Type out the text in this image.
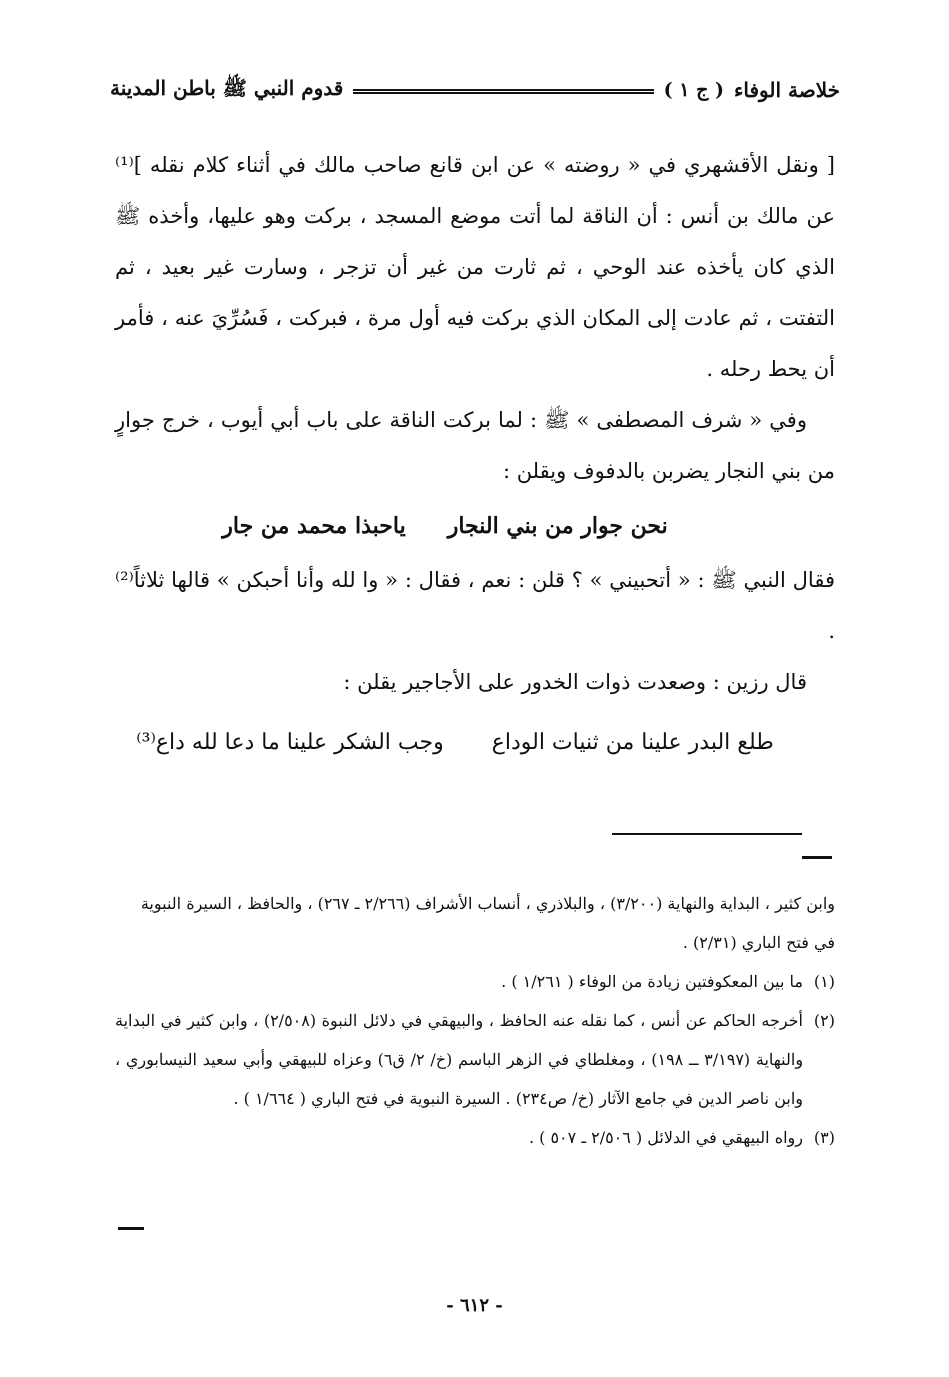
خلاصة الوفاء
( ج ١ )
قدوم النبي ﷺ باطن المدينة

[ ونقل الأقشهري في « روضته » عن ابن قانع صاحب مالك في أثناء كلام نقله ]⁽¹⁾ عن مالك بن أنس : أن الناقة لما أتت موضع المسجد ، بركت وهو عليها، وأخذه ﷺ الذي كان يأخذه عند الوحي ، ثم ثارت من غير أن تزجر ، وسارت غير بعيد ، ثم التفتت ، ثم عادت إلى المكان الذي بركت فيه أول مرة ، فبركت ، فَسُرِّيَ عنه ، فأمر أن يحط رحله .

وفي « شرف المصطفى » ﷺ : لما بركت الناقة على باب أبي أيوب ، خرج جوارٍ من بني النجار يضربن بالدفوف ويقلن :

نحن جوار من بني النجار
ياحبذا محمد من جار

فقال النبي ﷺ : « أتحبيني » ؟ قلن : نعم ، فقال : « وا لله وأنا أحبكن » قالها ثلاثاً⁽²⁾ .

قال رزين : وصعدت ذوات الخدور على الأجاجير يقلن :

طلع البدر علينا من ثنيات الوداع
وجب الشكر علينا ما دعا لله داع⁽³⁾

وابن كثير ، البداية والنهاية (٣/٢٠٠) ، والبلاذري ، أنساب الأشراف (٢/٢٦٦ ـ ٢٦٧) ، والحافظ ، السيرة النبوية في فتح الباري (٢/٣١) .

(١)
ما بين المعكوفتين زيادة من الوفاء ( ١/٢٦١ ) .
(٢)
أخرجه الحاكم عن أنس ، كما نقله عنه الحافظ ، والبيهقي في دلائل النبوة (٢/٥٠٨) ، وابن كثير في البداية والنهاية (٣/١٩٧ ــ ١٩٨) ، ومغلطاي في الزهر الباسم (خ/ ٢/ ق٦) وعزاه للبيهقي وأبي سعيد النيسابوري ، وابن ناصر الدين في جامع الآثار (خ/ ص٢٣٤) . السيرة النبوية في فتح الباري ( ١/٦٦٤ ) .
(٣)
رواه البيهقي في الدلائل ( ٢/٥٠٦ ـ ٥٠٧ ) .
- ٦١٢ -
